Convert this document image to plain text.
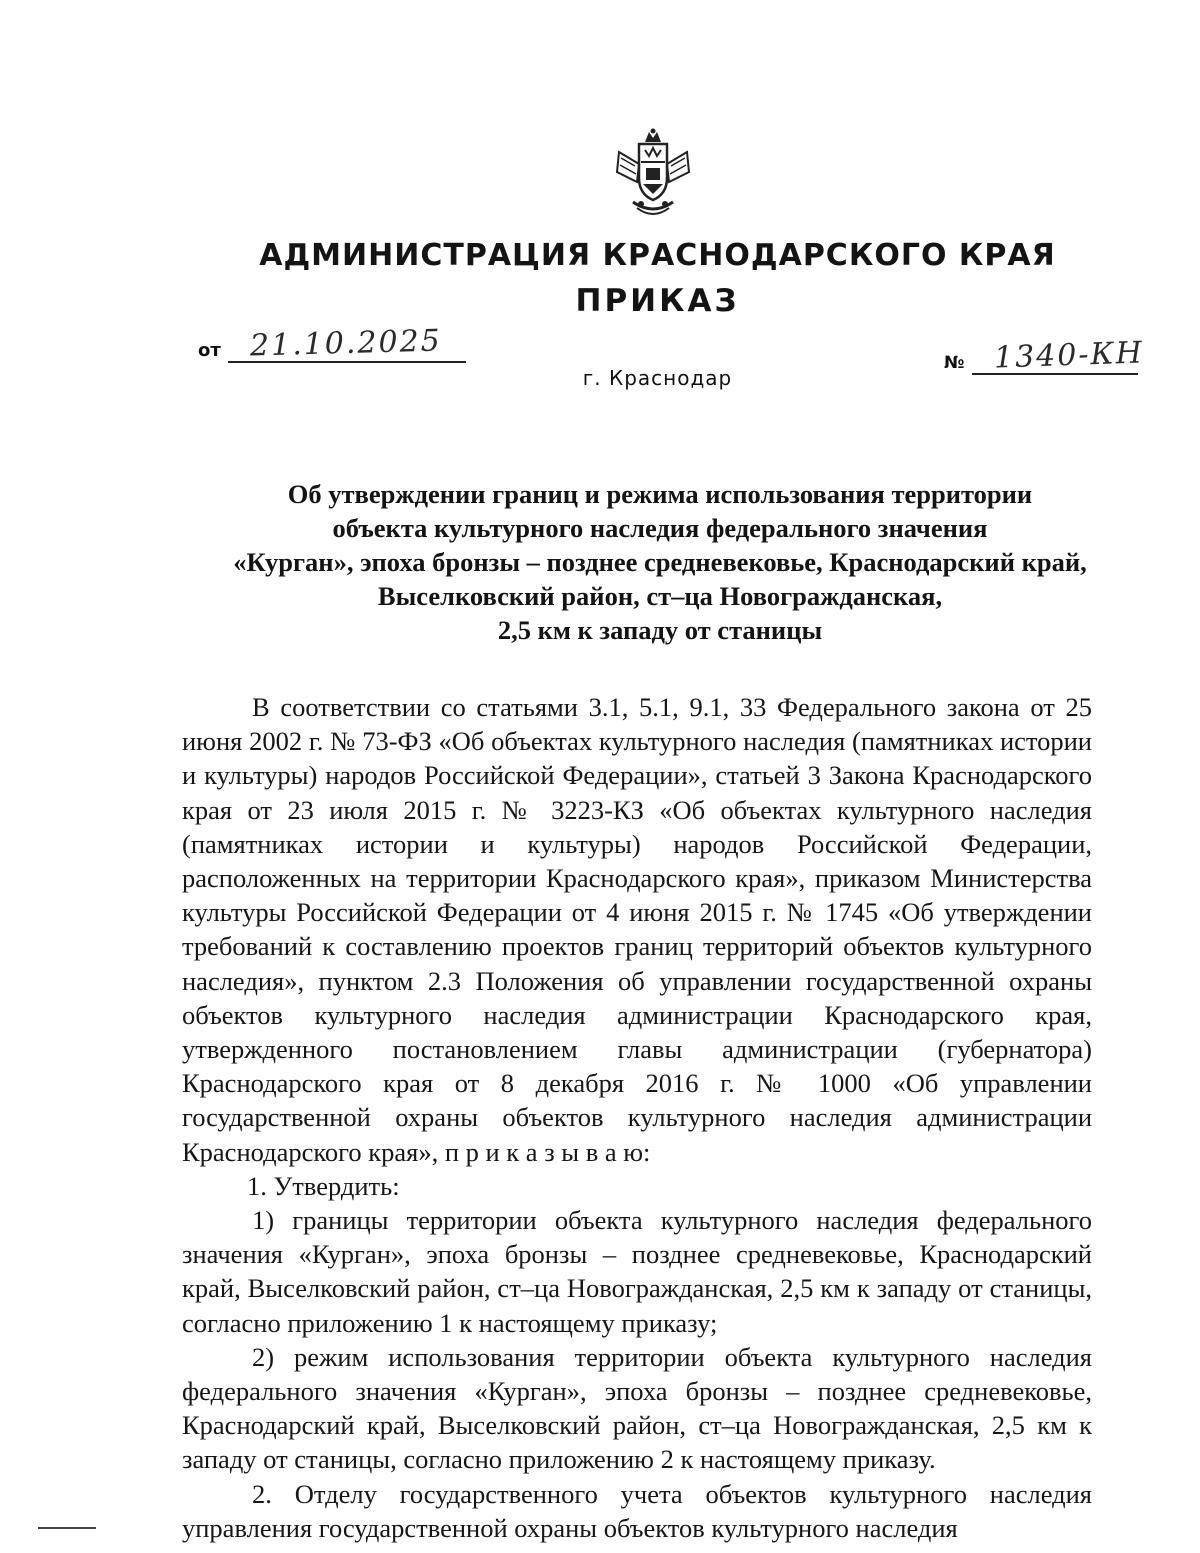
АДМИНИСТРАЦИЯ КРАСНОДАРСКОГО КРАЯ
ПРИКАЗ
от 21.10.2025
г. Краснодар
№ 1340-КН
Об утверждении границ и режима использования территории
объекта культурного наследия федерального значения
«Курган», эпоха бронзы – позднее средневековье, Краснодарский край,
Выселковский район, ст–ца Новогражданская,
2,5 км к западу от станицы

В соответствии со статьями 3.1, 5.1, 9.1, 33 Федерального закона от 25 июня 2002 г. № 73-ФЗ «Об объектах культурного наследия (памятниках истории и культуры) народов Российской Федерации», статьей 3 Закона Краснодарского края от 23 июля 2015 г. № 3223-КЗ «Об объектах культурного наследия (памятниках истории и культуры) народов Российской Федерации, расположенных на территории Краснодарского края», приказом Министерства культуры Российской Федерации от 4 июня 2015 г. № 1745 «Об утверждении требований к составлению проектов границ территорий объектов культурного наследия», пунктом 2.3 Положения об управлении государственной охраны объектов культурного наследия администрации Краснодарского края, утвержденного постановлением главы администрации (губернатора) Краснодарского края от 8 декабря 2016 г. № 1000 «Об управлении государственной охраны объектов культурного наследия администрации Краснодарского края», п р и к а з ы в а ю:

1. Утвердить:

1) границы территории объекта культурного наследия федерального значения «Курган», эпоха бронзы – позднее средневековье, Краснодарский край, Выселковский район, ст–ца Новогражданская, 2,5 км к западу от станицы, согласно приложению 1 к настоящему приказу;

2) режим использования территории объекта культурного наследия федерального значения «Курган», эпоха бронзы – позднее средневековье, Краснодарский край, Выселковский район, ст–ца Новогражданская, 2,5 км к западу от станицы, согласно приложению 2 к настоящему приказу.

2. Отделу государственного учета объектов культурного наследия управления государственной охраны объектов культурного наследия
